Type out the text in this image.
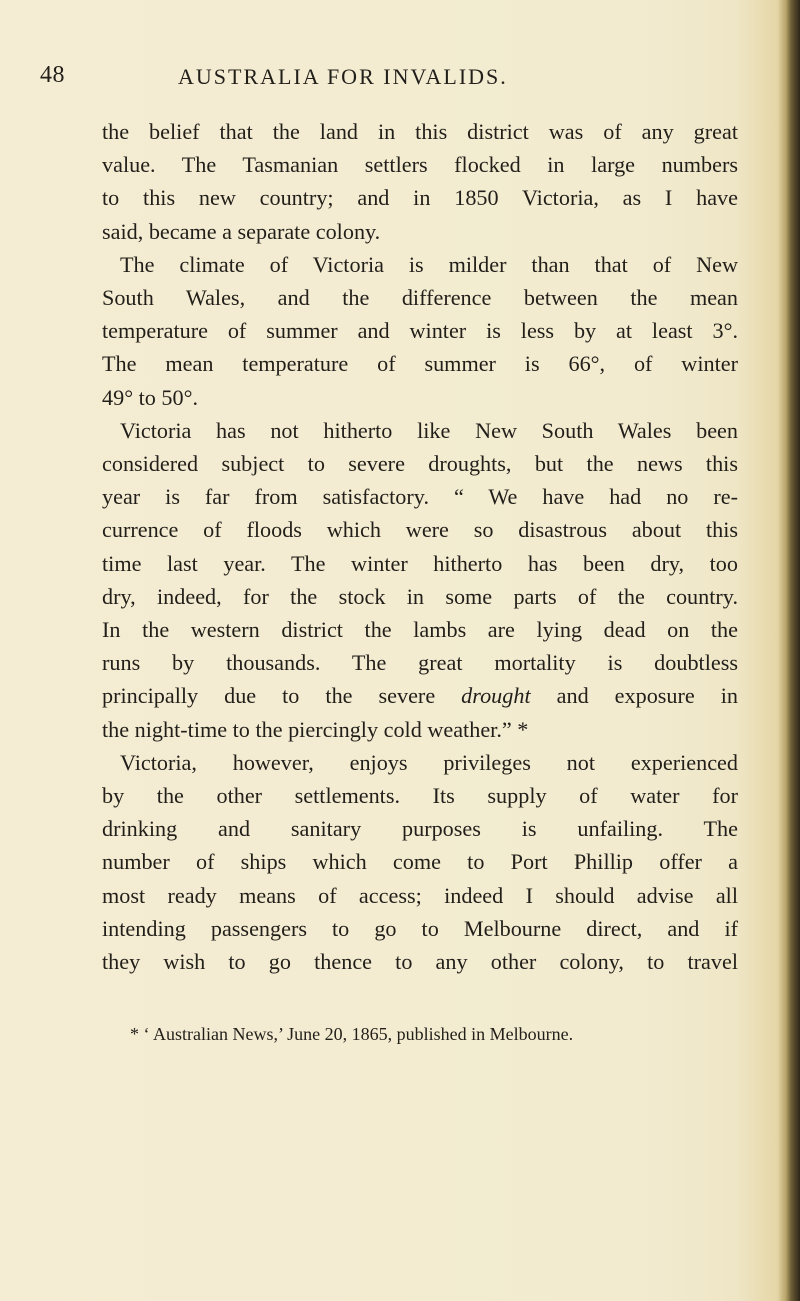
48	AUSTRALIA FOR INVALIDS.
the belief that the land in this district was of any great
value. The Tasmanian settlers flocked in large numbers
to this new country; and in 1850 Victoria, as I have
said, became a separate colony.
The climate of Victoria is milder than that of New
South Wales, and the difference between the mean
temperature of summer and winter is less by at least 3°.
The mean temperature of summer is 66°, of winter
49° to 50°.
Victoria has not hitherto like New South Wales been
considered subject to severe droughts, but the news this
year is far from satisfactory. “ We have had no re-
currence of floods which were so disastrous about this
time last year. The winter hitherto has been dry, too
dry, indeed, for the stock in some parts of the country.
In the western district the lambs are lying dead on the
runs by thousands. The great mortality is doubtless
principally due to the severe drought and exposure in
the night-time to the piercingly cold weather.” *
Victoria, however, enjoys privileges not experienced
by the other settlements. Its supply of water for
drinking and sanitary purposes is unfailing. The
number of ships which come to Port Phillip offer a
most ready means of access; indeed I should advise all
intending passengers to go to Melbourne direct, and if
they wish to go thence to any other colony, to travel
* ‘ Australian News,’ June 20, 1865, published in Melbourne.
